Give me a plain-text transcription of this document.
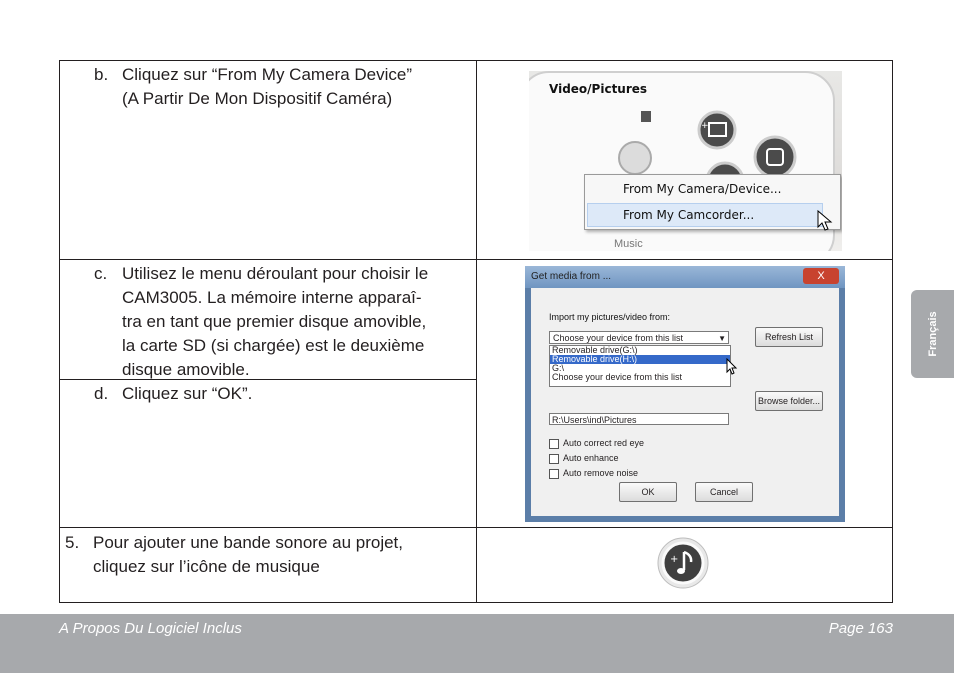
b. Cliquez sur “From My Camera Device”
(A Partir De Mon Dispositif Caméra)
c. Utilisez le menu déroulant pour choisir le
CAM3005. La mémoire interne apparaî-
tra en tant que premier disque amovible,
la carte SD (si chargée) est le deuxième
disque amovible.
d. Cliquez sur “OK”.
5. Pour ajouter une bande sonore au projet,
cliquez sur l’icône de musique
Video/Pictures
+
From My Camera/Device...
From My Camcorder...
Music
Get media from ...	X
Import my pictures/video from:
Choose your device from this list	▼
Removable drive(G:\)
Removable drive(H:\)
G:\
Choose your device from this list
Refresh List
R:\Users\ind\Pictures
Browse folder...
Auto correct red eye
Auto enhance
Auto remove noise
OK	Cancel
+
Français
A Propos Du Logiciel Inclus	Page 163
